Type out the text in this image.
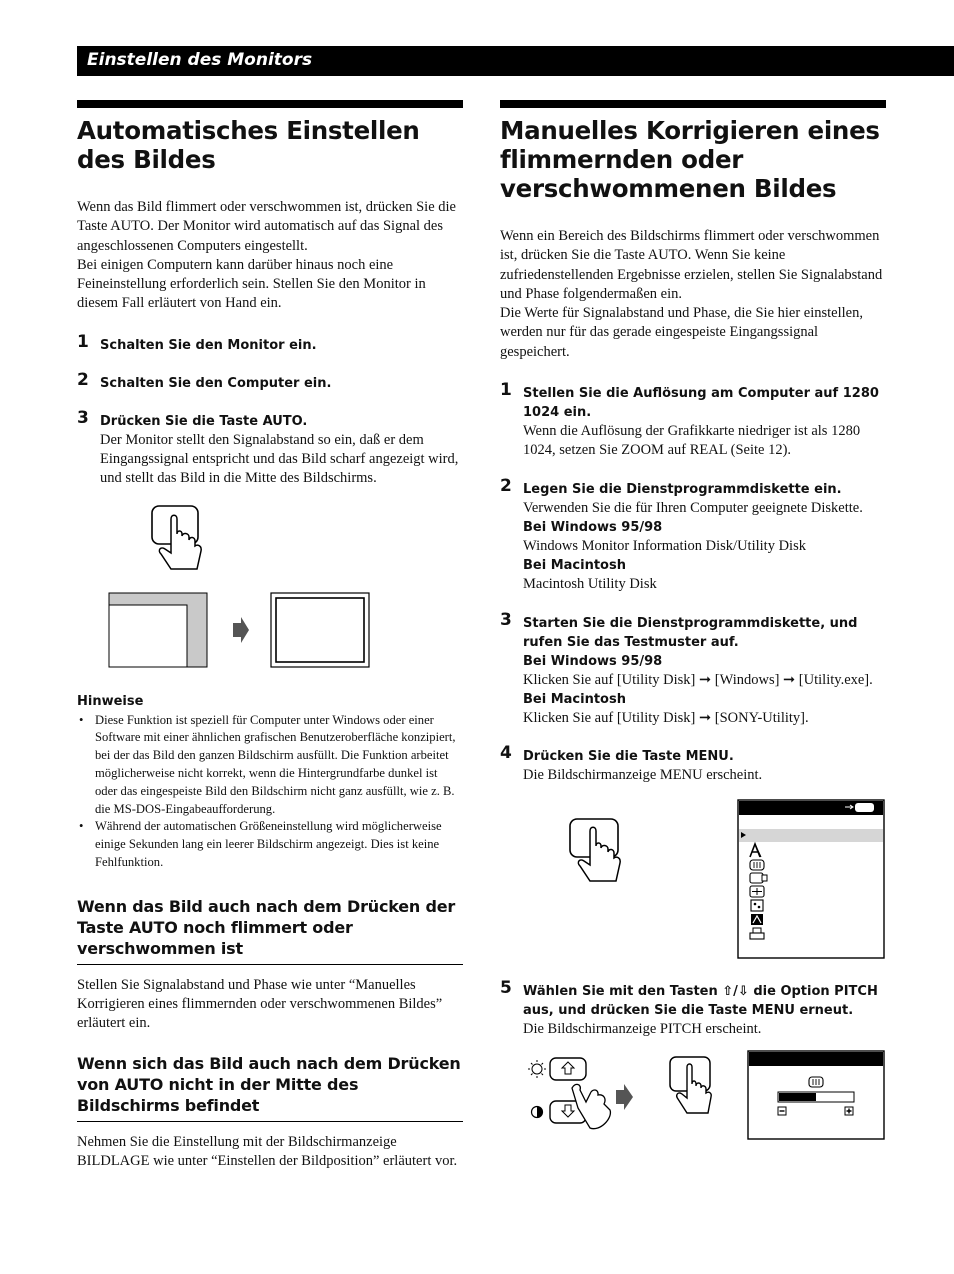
Einstellen des Monitors
Automatisches Einstellen des Bildes

Wenn das Bild flimmert oder verschwommen ist, drücken Sie die Taste AUTO. Der Monitor wird automatisch auf das Signal des angeschlossenen Computers eingestellt.

Bei einigen Computern kann darüber hinaus noch eine Feineinstellung erforderlich sein. Stellen Sie den Monitor in diesem Fall erläutert von Hand ein.

1 Schalten Sie den Monitor ein.
2 Schalten Sie den Computer ein.
3 Drücken Sie die Taste AUTO.

Der Monitor stellt den Signalabstand so ein, daß er dem Eingangssignal entspricht und das Bild scharf angezeigt wird, und stellt das Bild in die Mitte des Bildschirms.

Hinweise
• Diese Funktion ist speziell für Computer unter Windows oder einer Software mit einer ähnlichen grafischen Benutzeroberfläche konzipiert, bei der das Bild den ganzen Bildschirm ausfüllt. Die Funktion arbeitet möglicherweise nicht korrekt, wenn die Hintergrundfarbe dunkel ist oder das eingespeiste Bild den Bildschirm nicht ganz ausfüllt, wie z. B. die MS-DOS-Eingabeaufforderung.
• Während der automatischen Größeneinstellung wird möglicherweise einige Sekunden lang ein leerer Bildschirm angezeigt. Dies ist keine Fehlfunktion.
Wenn das Bild auch nach dem Drücken der Taste AUTO noch flimmert oder verschwommen ist

Stellen Sie Signalabstand und Phase wie unter “Manuelles Korrigieren eines flimmernden oder verschwommenen Bildes” erläutert ein.

Wenn sich das Bild auch nach dem Drücken von AUTO nicht in der Mitte des Bildschirms befindet

Nehmen Sie die Einstellung mit der Bildschirmanzeige BILDLAGE wie unter “Einstellen der Bildposition” erläutert vor.

Manuelles Korrigieren eines flimmernden oder verschwommenen Bildes

Wenn ein Bereich des Bildschirms flimmert oder verschwommen ist, drücken Sie die Taste AUTO. Wenn Sie keine zufriedenstellenden Ergebnisse erzielen, stellen Sie Signalabstand und Phase folgendermaßen ein.

Die Werte für Signalabstand und Phase, die Sie hier einstellen, werden nur für das gerade eingespeiste Eingangssignal gespeichert.

1 Stellen Sie die Auflösung am Computer auf 1280 1024 ein.

Wenn die Auflösung der Grafikkarte niedriger ist als 1280 1024, setzen Sie ZOOM auf REAL (Seite 12).

2 Legen Sie die Dienstprogrammdiskette ein.

Verwenden Sie die für Ihren Computer geeignete Diskette.

Bei Windows 95/98

Windows Monitor Information Disk/Utility Disk

Bei Macintosh

Macintosh Utility Disk

3 Starten Sie die Dienstprogrammdiskette, und rufen Sie das Testmuster auf.
Bei Windows 95/98

Klicken Sie auf [Utility Disk] ➞ [Windows] ➞ [Utility.exe].

Bei Macintosh

Klicken Sie auf [Utility Disk] ➞ [SONY-Utility].

4 Drücken Sie die Taste MENU.

Die Bildschirmanzeige MENU erscheint.

5 Wählen Sie mit den Tasten ⇧/⇩ die Option PITCH aus, und drücken Sie die Taste MENU erneut.

Die Bildschirmanzeige PITCH erscheint.
